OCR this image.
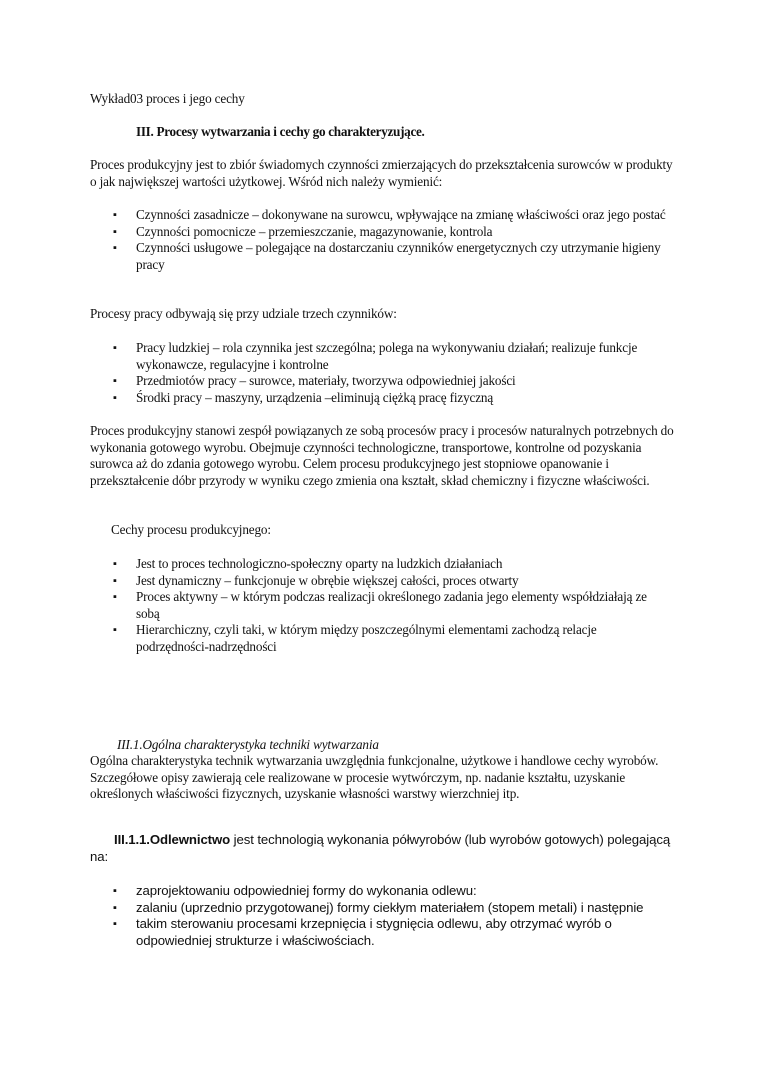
Wykład03 proces i jego cechy

III. Procesy wytwarzania i cechy go charakteryzujące.

Proces produkcyjny jest to zbiór świadomych czynności zmierzających do przekształcenia surowców w produkty o jak największej wartości użytkowej. Wśród nich należy wymienić:

▪ Czynności zasadnicze – dokonywane na surowcu, wpływające na zmianę właściwości oraz jego postać
▪ Czynności pomocnicze – przemieszczanie, magazynowanie, kontrola
▪ Czynności usługowe – polegające na dostarczaniu czynników energetycznych czy utrzymanie higieny pracy

Procesy pracy odbywają się przy udziale trzech czynników:

▪ Pracy ludzkiej – rola czynnika jest szczególna; polega na wykonywaniu działań; realizuje funkcje wykonawcze, regulacyjne i kontrolne
▪ Przedmiotów pracy – surowce, materiały, tworzywa odpowiedniej jakości
▪ Środki pracy – maszyny, urządzenia –eliminują ciężką pracę fizyczną

Proces produkcyjny stanowi zespół powiązanych ze sobą procesów pracy i procesów naturalnych potrzebnych do wykonania gotowego wyrobu. Obejmuje czynności technologiczne, transportowe, kontrolne od pozyskania surowca aż do zdania gotowego wyrobu. Celem procesu produkcyjnego jest stopniowe opanowanie i przekształcenie dóbr przyrody w wyniku czego zmienia ona kształt, skład chemiczny i fizyczne właściwości.

Cechy procesu produkcyjnego:

▪ Jest to proces technologiczno-społeczny oparty na ludzkich działaniach
▪ Jest dynamiczny – funkcjonuje w obrębie większej całości, proces otwarty
▪ Proces aktywny – w którym podczas realizacji określonego zadania jego elementy współdziałają ze sobą
▪ Hierarchiczny, czyli taki, w którym między poszczególnymi elementami zachodzą relacje podrzędności-nadrzędności

III.1.Ogólna charakterystyka techniki wytwarzania

Ogólna charakterystyka technik wytwarzania uwzględnia funkcjonalne, użytkowe i handlowe cechy wyrobów. Szczegółowe opisy zawierają cele realizowane w procesie wytwórczym, np. nadanie kształtu, uzyskanie określonych właściwości fizycznych, uzyskanie własności warstwy wierzchniej itp.

III.1.1.Odlewnictwo jest technologią wykonania półwyrobów (lub wyrobów gotowych) polegającą na:

▪ zaprojektowaniu odpowiedniej formy do wykonania odlewu:
▪ zalaniu (uprzednio przygotowanej) formy ciekłym materiałem (stopem metali) i następnie
▪ takim sterowaniu procesami krzepnięcia i stygnięcia odlewu, aby otrzymać wyrób o odpowiedniej strukturze i właściwościach.
